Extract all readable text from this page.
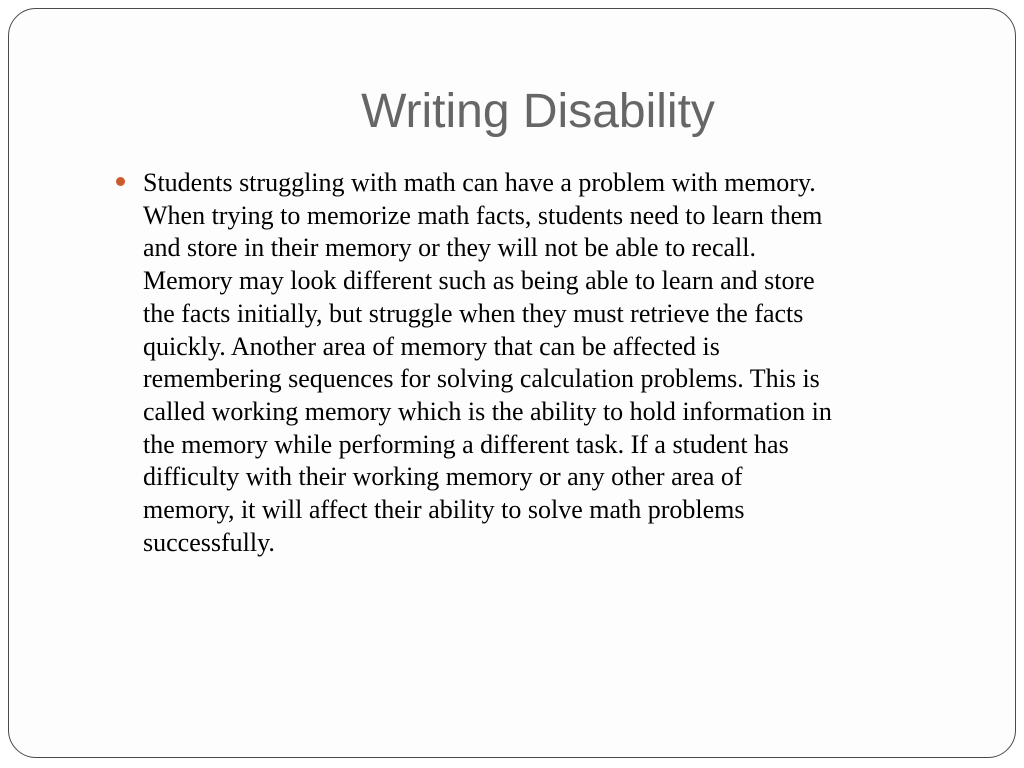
Writing Disability
Students struggling with math can have a problem with memory.
When trying to memorize math facts, students need to learn them
and store in their memory or they will not be able to recall.
Memory may look different such as being able to learn and store
the facts initially, but struggle when they must retrieve the facts
quickly. Another area of memory that can be affected is
remembering sequences for solving calculation problems. This is
called working memory which is the ability to hold information in
the memory while performing a different task. If a student has
difficulty with their working memory or any other area of
memory, it will affect their ability to solve math problems
successfully.
